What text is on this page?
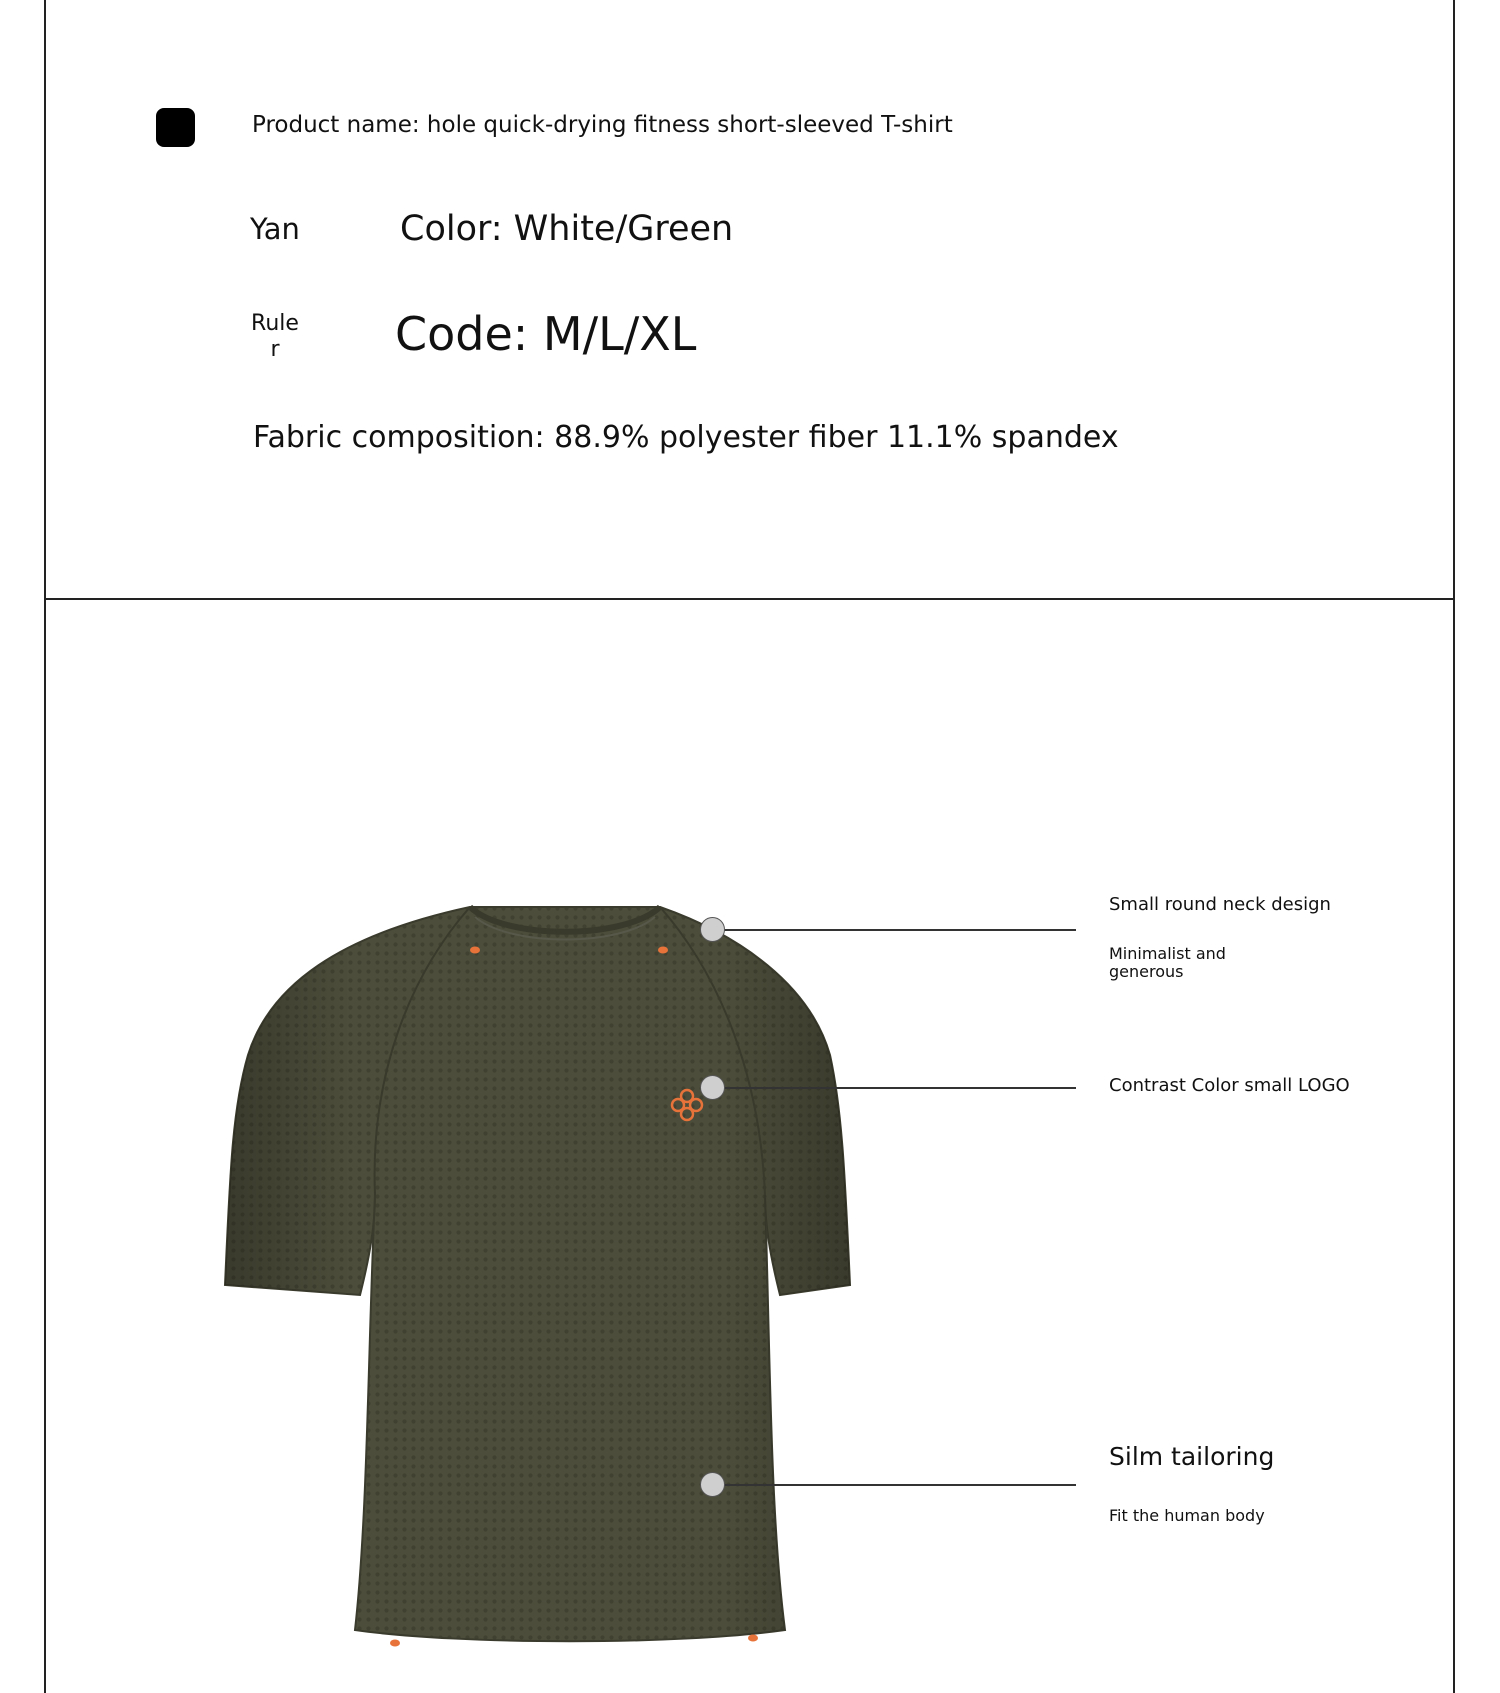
Product name: hole quick-drying fitness short-sleeved T-shirt
Yan	Color: White/Green
Ruler	Code: M/L/XL
Fabric composition: 88.9% polyester fiber 11.1% spandex
Small round neck design
Minimalist and generous
Contrast Color small LOGO
Silm tailoring
Fit the human body
